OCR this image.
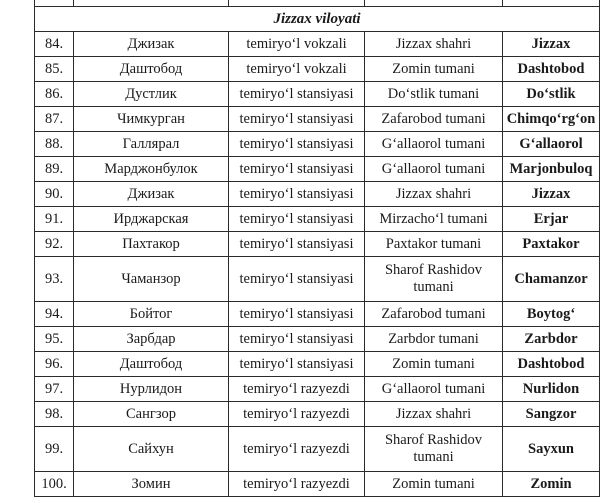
Jizzax viloyati				
84.	Джизак	temiryo‘l vokzali	Jizzax shahri	Jizzax
85.	Даштобод	temiryo‘l vokzali	Zomin tumani	Dashtobod
86.	Дустлик	temiryo‘l stansiyasi	Do‘stlik tumani	Do‘stlik
87.	Чимкурган	temiryo‘l stansiyasi	Zafarobod tumani	Chimqo‘rg‘on
88.	Галлярал	temiryo‘l stansiyasi	G‘allaorol tumani	G‘allaorol
89.	Марджонбулок	temiryo‘l stansiyasi	G‘allaorol tumani	Marjonbuloq
90.	Джизак	temiryo‘l stansiyasi	Jizzax shahri	Jizzax
91.	Ирджарская	temiryo‘l stansiyasi	Mirzacho‘l tumani	Erjar
92.	Пахтакор	temiryo‘l stansiyasi	Paxtakor tumani	Paxtakor
93.	Чаманзор	temiryo‘l stansiyasi	Sharof Rashidov tumani	Chamanzor
94.	Бойтог	temiryo‘l stansiyasi	Zafarobod tumani	Boytog‘
95.	Зарбдар	temiryo‘l stansiyasi	Zarbdor tumani	Zarbdor
96.	Даштобод	temiryo‘l stansiyasi	Zomin tumani	Dashtobod
97.	Нурлидон	temiryo‘l razyezdi	G‘allaorol tumani	Nurlidon
98.	Сангзор	temiryo‘l razyezdi	Jizzax shahri	Sangzor
99.	Сайхун	temiryo‘l razyezdi	Sharof Rashidov tumani	Sayxun
100.	Зомин	temiryo‘l razyezdi	Zomin tumani	Zomin
